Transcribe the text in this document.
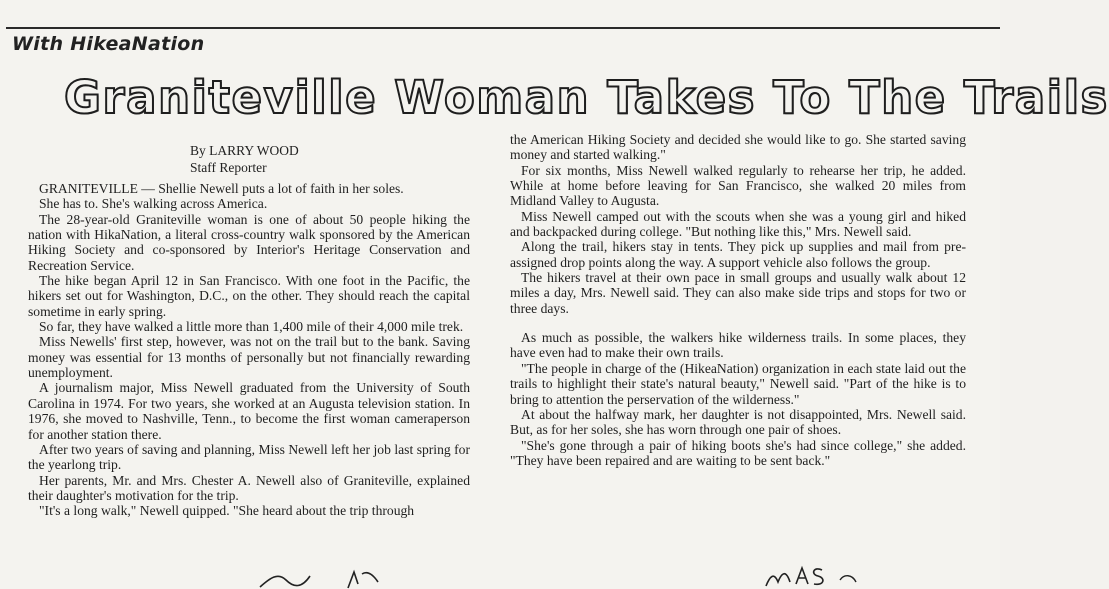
With HikeaNation
Graniteville Woman Takes To The Trails
By LARRY WOOD
Staff Reporter

GRANITEVILLE — Shellie Newell puts a lot of faith in her soles.

She has to. She's walking across America.

The 28-year-old Graniteville woman is one of about 50 people hiking the nation with HikaNation, a literal cross-country walk sponsored by the American Hiking Society and co-sponsored by Interior's Heritage Conservation and Recreation Service.

The hike began April 12 in San Francisco. With one foot in the Pacific, the hikers set out for Washington, D.C., on the other. They should reach the capital sometime in early spring.

So far, they have walked a little more than 1,400 mile of their 4,000 mile trek.

Miss Newells' first step, however, was not on the trail but to the bank. Saving money was essential for 13 months of personally but not financially rewarding unemployment.

A journalism major, Miss Newell graduated from the University of South Carolina in 1974. For two years, she worked at an Augusta television station. In 1976, she moved to Nashville, Tenn., to become the first woman cameraperson for another station there.

After two years of saving and planning, Miss Newell left her job last spring for the yearlong trip.

Her parents, Mr. and Mrs. Chester A. Newell also of Graniteville, explained their daughter's motivation for the trip.

"It's a long walk," Newell quipped. "She heard about the trip through

the American Hiking Society and decided she would like to go. She started saving money and started walking."

For six months, Miss Newell walked regularly to rehearse her trip, he added. While at home before leaving for San Francisco, she walked 20 miles from Midland Valley to Augusta.

Miss Newell camped out with the scouts when she was a young girl and hiked and backpacked during college. "But nothing like this," Mrs. Newell said.

Along the trail, hikers stay in tents. They pick up supplies and mail from pre-assigned drop points along the way. A support vehicle also follows the group.

The hikers travel at their own pace in small groups and usually walk about 12 miles a day, Mrs. Newell said. They can also make side trips and stops for two or three days.

As much as possible, the walkers hike wilderness trails. In some places, they have even had to make their own trails.

"The people in charge of the (HikeaNation) organization in each state laid out the trails to highlight their state's natural beauty," Newell said. "Part of the hike is to bring to attention the perservation of the wilderness."

At about the halfway mark, her daughter is not disappointed, Mrs. Newell said. But, as for her soles, she has worn through one pair of shoes.

"She's gone through a pair of hiking boots she's had since college," she added. "They have been repaired and are waiting to be sent back."
